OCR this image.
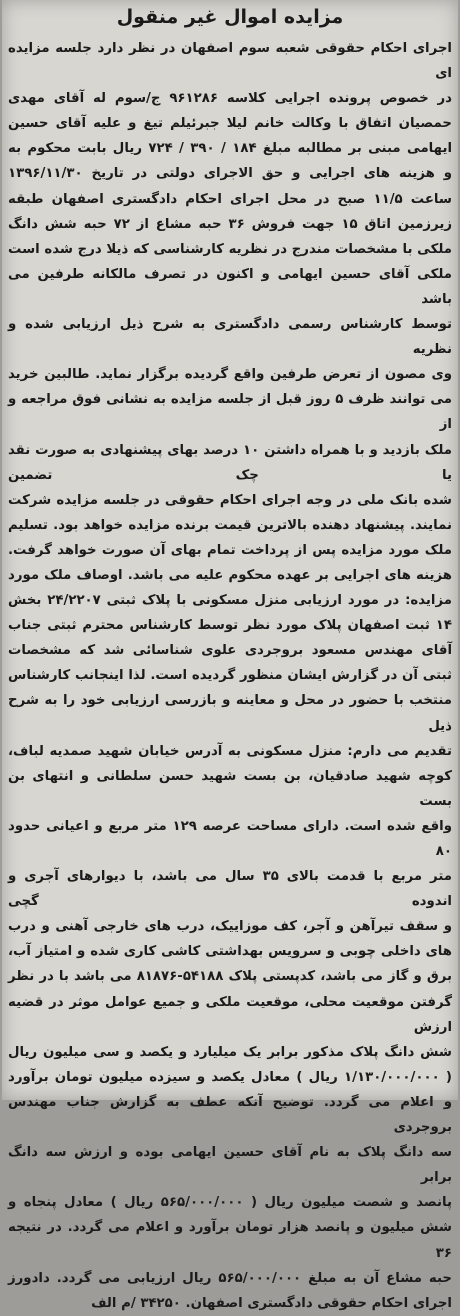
مزایده اموال غیر منقول

اجرای احکام حقوقی شعبه سوم اصفهان در نظر دارد جلسه مزایده ای

در خصوص پرونده اجرایی کلاسه ۹۶۱۲۸۶ ج/سوم له آقای مهدی

حمصیان اتفاق با وکالت خانم لیلا جبرئیلم تیغ و علیه آقای حسین

ایهامی مبنی بر مطالبه مبلغ ۱۸۴ / ۳۹۰ / ۷۲۴ ریال بابت محکوم به

و هزینه های اجرایی و حق الاجرای دولتی در تاریخ ۱۳۹۶/۱۱/۳۰

ساعت ۱۱/۵ صبح در محل اجرای احکام دادگستری اصفهان طبقه

زیرزمین اتاق ۱۵ جهت فروش ۳۶ حبه مشاع از ۷۲ حبه شش دانگ

ملکی با مشخصات مندرج در نظریه کارشناسی که ذیلا درج شده است

ملکی آقای حسین ایهامی و اکنون در تصرف مالکانه طرفین می باشد

توسط کارشناس رسمی دادگستری به شرح ذیل ارزیابی شده و نظریه

وی مصون از تعرض طرفین واقع گردیده برگزار نماید. طالبین خرید

می توانند ظرف ۵ روز قبل از جلسه مزایده به نشانی فوق مراجعه و از

ملک بازدید و با همراه داشتن ۱۰ درصد بهای پیشنهادی به صورت نقد یا چک تضمین

شده بانک ملی در وجه اجرای احکام حقوقی در جلسه مزایده شرکت

نمایند. پیشنهاد دهنده بالاترین قیمت برنده مزایده خواهد بود. تسلیم

ملک مورد مزایده پس از پرداخت تمام بهای آن صورت خواهد گرفت.

هزینه های اجرایی بر عهده محکوم علیه می باشد. اوصاف ملک مورد

مزایده: در مورد ارزیابی منزل مسکونی با پلاک ثبتی ۲۴/۲۲۰۷ بخش

۱۴ ثبت اصفهان پلاک مورد نظر توسط کارشناس محترم ثبتی جناب

آقای مهندس مسعود بروجردی علوی شناسائی شد که مشخصات

ثبتی آن در گزارش ایشان منظور گردیده است. لذا اینجانب کارشناس

منتخب با حضور در محل و معاینه و بازرسی ارزیابی خود را به شرح ذیل

تقدیم می دارم: منزل مسکونی به آدرس خیابان شهید صمدیه لباف،

کوچه شهید صادقیان، بن بست شهید حسن سلطانی و انتهای بن بست

واقع شده است. دارای مساحت عرصه ۱۲۹ متر مربع و اعیانی حدود ۸۰

متر مربع با قدمت بالای ۳۵ سال می باشد، با دیوارهای آجری و اندوده گچی

و سقف تیرآهن و آجر، کف موزاییک، درب های خارجی آهنی و درب

های داخلی چوبی و سرویس بهداشتی کاشی کاری شده و امتیاز آب،

برق و گاز می باشد، کدپستی پلاک ۵۴۱۸۸-۸۱۸۷۶ می باشد با در نظر

گرفتن موقعیت محلی، موقعیت ملکی و جمیع عوامل موثر در قضیه ارزش

شش دانگ پلاک مذکور برابر یک میلیارد و یکصد و سی میلیون ریال

( ۱/۱۳۰/۰۰۰/۰۰۰ ریال ) معادل یکصد و سیزده میلیون تومان برآورد

و اعلام می گردد. توضیح آنکه عطف به گزارش جناب مهندس بروجردی

سه دانگ پلاک به نام آقای حسین ایهامی بوده و ارزش سه دانگ برابر

پانصد و شصت میلیون ریال ( ۵۶۵/۰۰۰/۰۰۰ ریال ) معادل پنجاه و

شش میلیون و پانصد هزار تومان برآورد و اعلام می گردد. در نتیجه ۳۶

حبه مشاع آن به مبلغ ۵۶۵/۰۰۰/۰۰۰ ریال ارزیابی می گردد. دادورز

اجرای احکام حقوقی دادگستری اصفهان. ۳۴۲۵۰ /م الف
